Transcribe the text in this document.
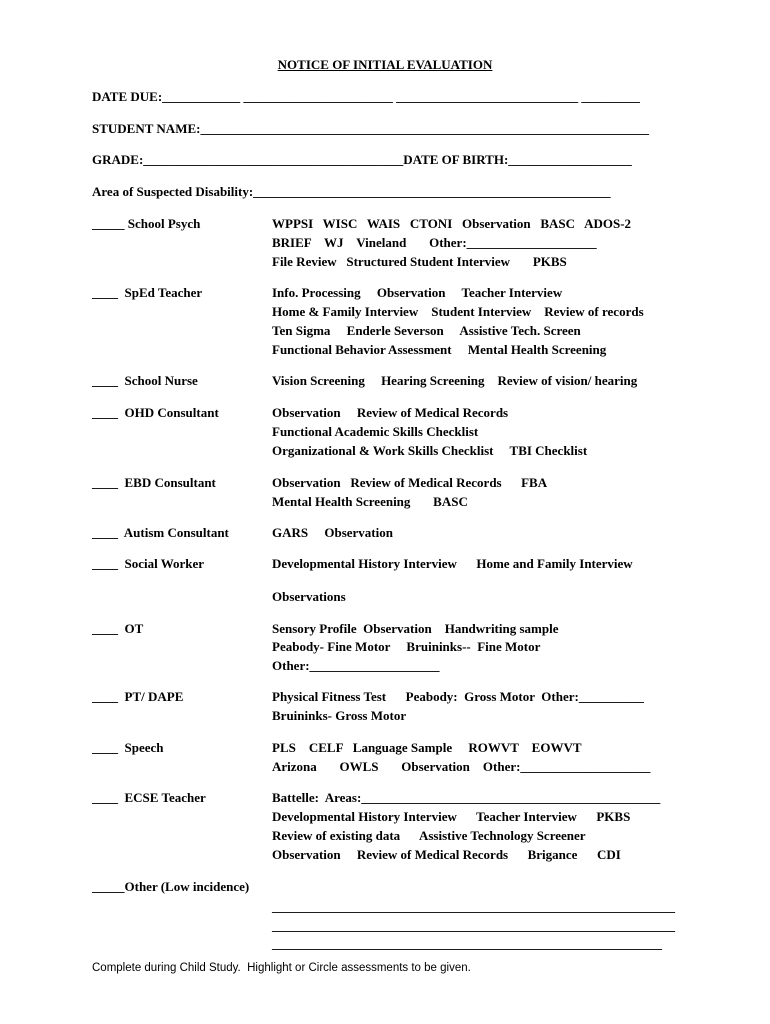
NOTICE OF INITIAL EVALUATION
DATE DUE:____________ _______________________ ____________________________ _________
STUDENT NAME:_____________________________________________________________________
GRADE:________________________________________DATE OF BIRTH:___________________
Area of Suspected Disability:_______________________________________________________
_____ School Psych	WPPSI   WISC   WAIS   CTONI   Observation   BASC   ADOS-2
BRIEF    WJ    Vineland       Other:____________________
File Review   Structured Student Interview       PKBS
____  SpEd Teacher	Info. Processing     Observation     Teacher Interview
Home & Family Interview    Student Interview    Review of records
Ten Sigma     Enderle Severson     Assistive Tech. Screen
Functional Behavior Assessment     Mental Health Screening
____  School Nurse	Vision Screening     Hearing Screening    Review of vision/ hearing
____  OHD Consultant	Observation     Review of Medical Records
Functional Academic Skills Checklist
Organizational & Work Skills Checklist     TBI Checklist
____  EBD Consultant	Observation   Review of Medical Records      FBA
Mental Health Screening       BASC
____  Autism Consultant	GARS     Observation
____  Social Worker	Developmental History Interview      Home and Family Interview
Observations
____  OT	Sensory Profile  Observation    Handwriting sample
Peabody- Fine Motor     Bruininks--  Fine Motor
Other:____________________
____  PT/ DAPE	Physical Fitness Test      Peabody:  Gross Motor  Other:__________
Bruininks- Gross Motor
____  Speech	PLS    CELF   Language Sample     ROWVT    EOWVT
Arizona       OWLS       Observation    Other:____________________
____  ECSE Teacher	Battelle:  Areas:______________________________________________
Developmental History Interview      Teacher Interview      PKBS
Review of existing data      Assistive Technology Screener
Observation     Review of Medical Records      Brigance      CDI
_____Other (Low incidence)
______________________________________________________________
______________________________________________________________
____________________________________________________________
Complete during Child Study.  Highlight or Circle assessments to be given.
